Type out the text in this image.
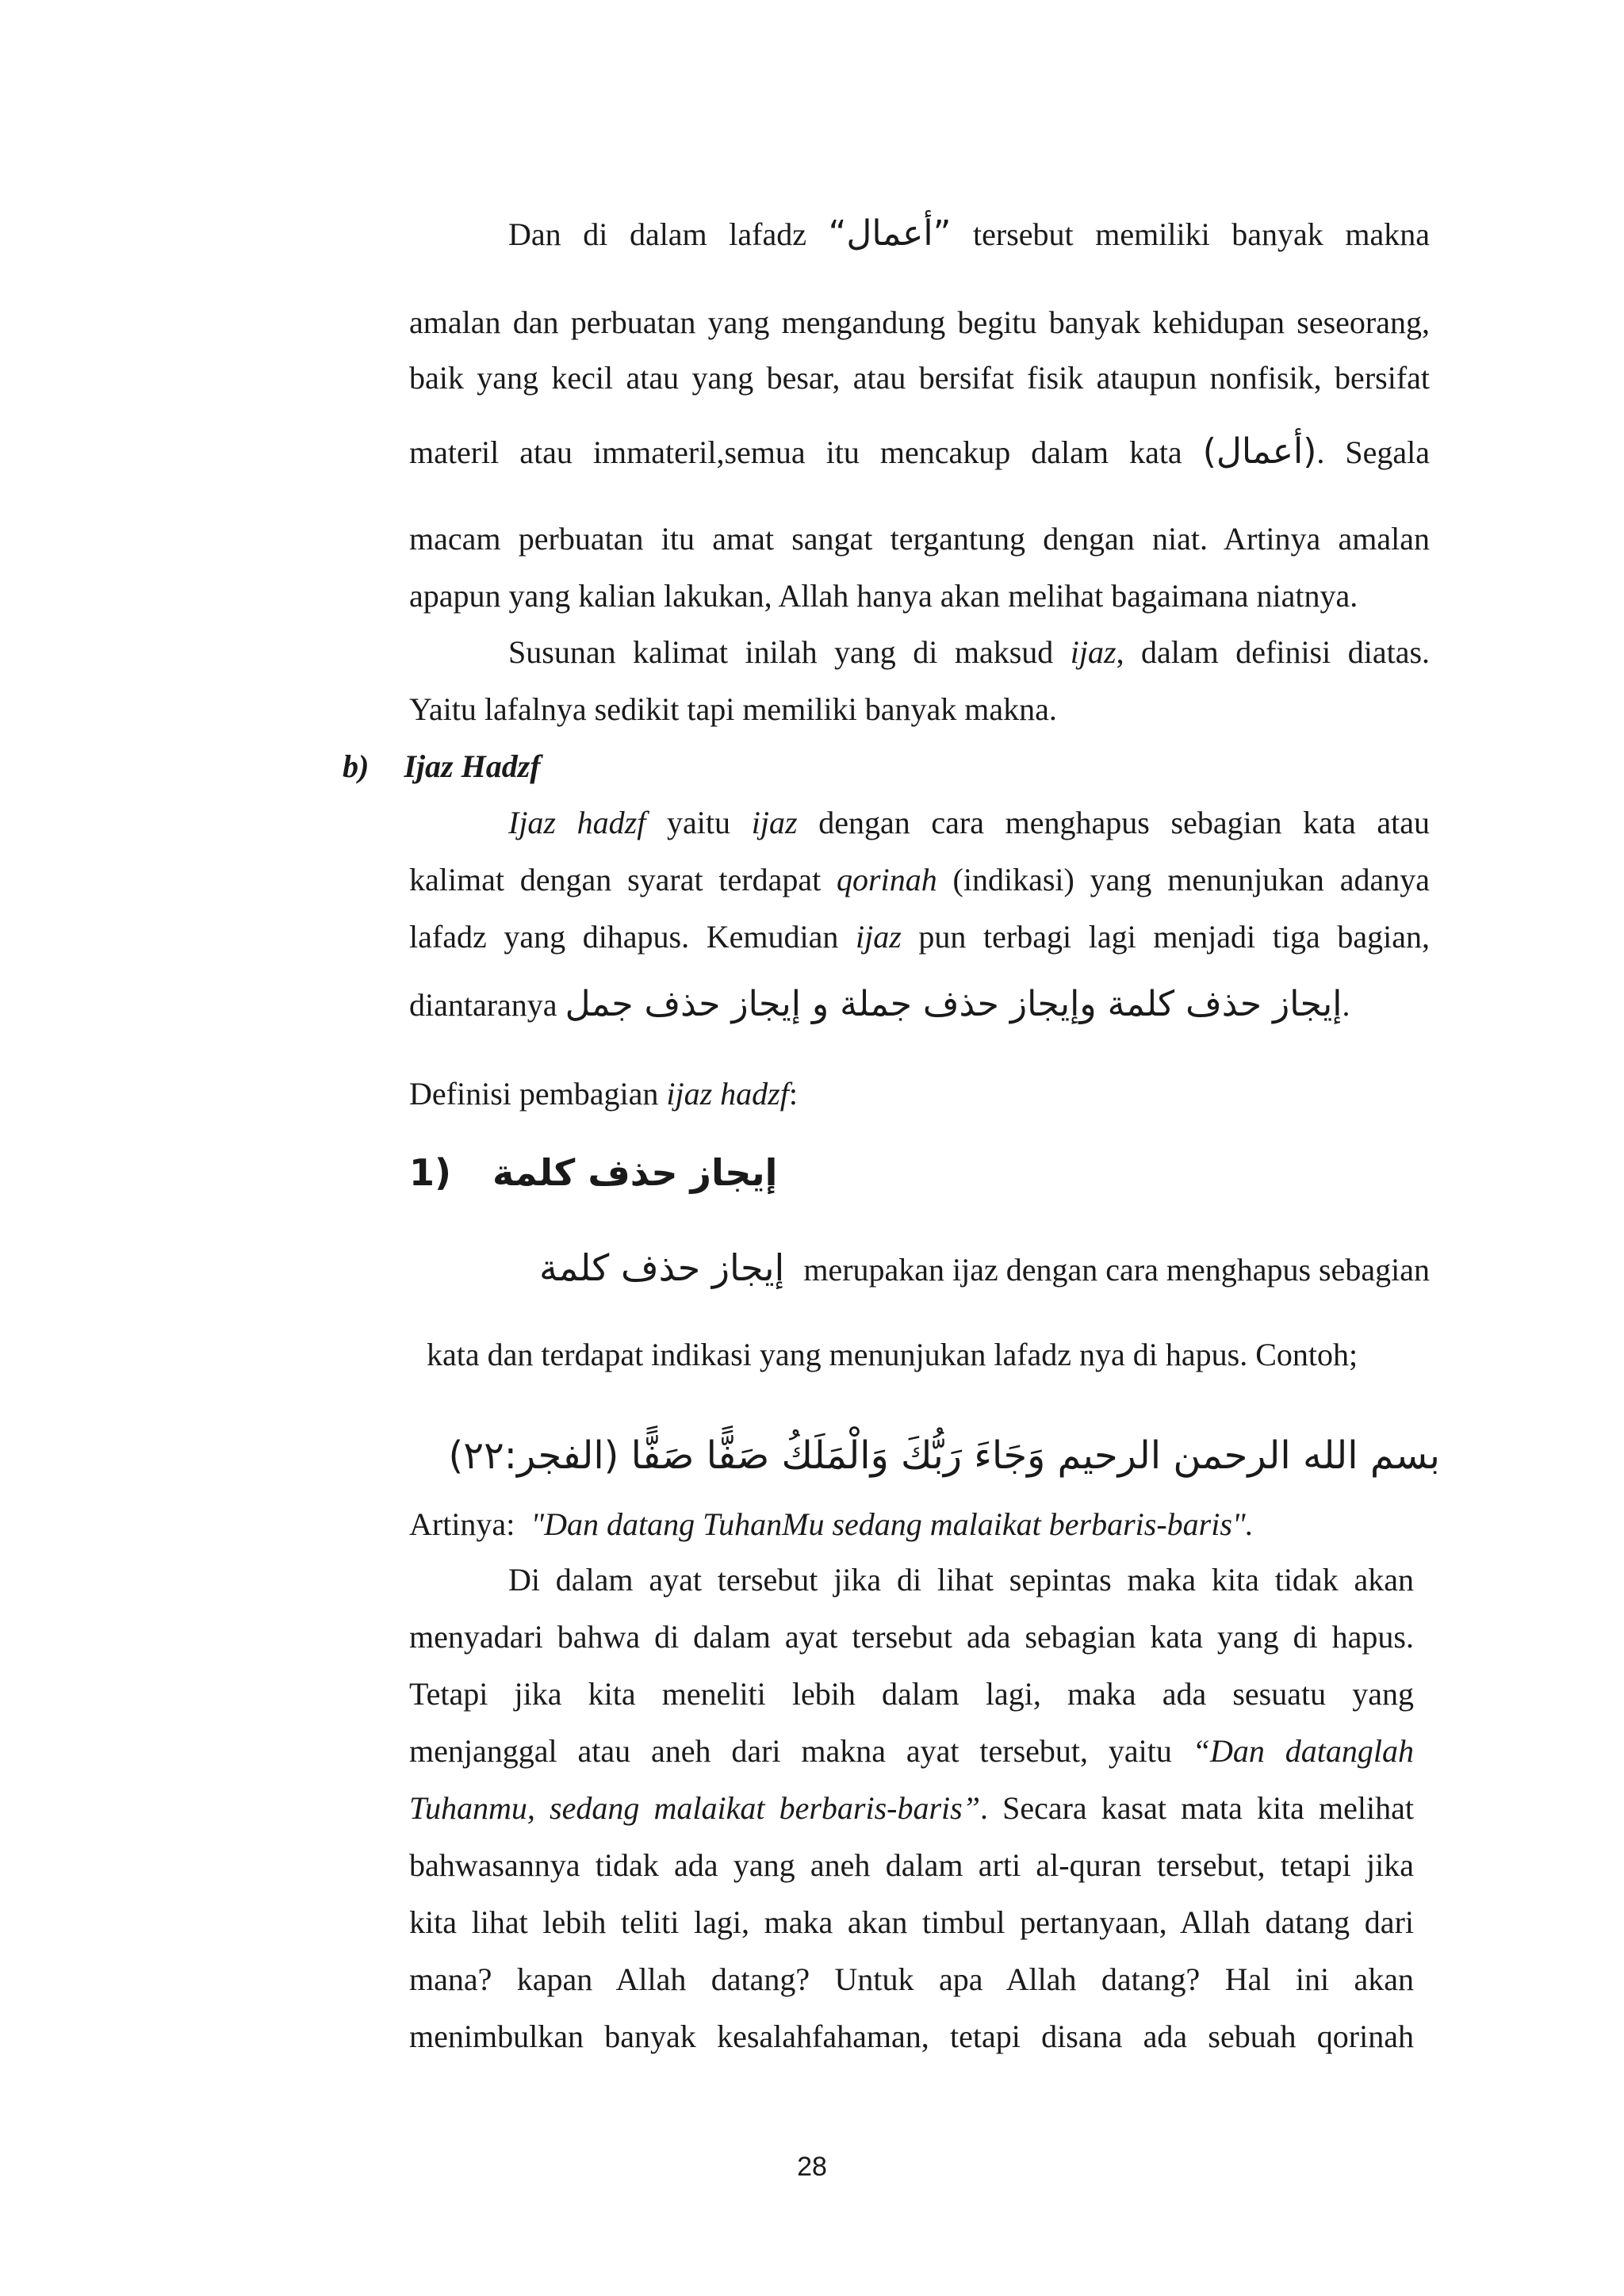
Dan di dalam lafadz “أعمال” tersebut memiliki banyak makna
amalan dan perbuatan yang mengandung begitu banyak kehidupan seseorang,
baik yang kecil atau yang besar, atau bersifat fisik ataupun nonfisik, bersifat
materil atau immateril,semua itu mencakup dalam kata (أعمال). Segala
macam perbuatan itu amat sangat tergantung dengan niat. Artinya amalan
apapun yang kalian lakukan, Allah hanya akan melihat bagaimana niatnya.
Susunan kalimat inilah yang di maksud ijaz, dalam definisi diatas.
Yaitu lafalnya sedikit tapi memiliki banyak makna.
b) Ijaz Hadzf
Ijaz hadzf yaitu ijaz dengan cara menghapus sebagian kata atau
kalimat dengan syarat terdapat qorinah (indikasi) yang menunjukan adanya
lafadz yang dihapus. Kemudian ijaz pun terbagi lagi menjadi tiga bagian,
diantaranya إيجاز حذف كلمة وإيجاز حذف جملة و إيجاز حذف جمل.
Definisi pembagian ijaz hadzf:
1) إيجاز حذف كلمة
إيجاز حذف كلمة merupakan ijaz dengan cara menghapus sebagian
kata dan terdapat indikasi yang menunjukan lafadz nya di hapus. Contoh;
بسم الله الرحمن الرحيم وَجَاءَ رَبُّكَ وَالْمَلَكُ صَفًّا صَفًّا (الفجر:٢٢)
Artinya: "Dan datang TuhanMu sedang malaikat berbaris-baris".
Di dalam ayat tersebut jika di lihat sepintas maka kita tidak akan
menyadari bahwa di dalam ayat tersebut ada sebagian kata yang di hapus.
Tetapi jika kita meneliti lebih dalam lagi, maka ada sesuatu yang
menjanggal atau aneh dari makna ayat tersebut, yaitu “Dan datanglah
Tuhanmu, sedang malaikat berbaris-baris”. Secara kasat mata kita melihat
bahwasannya tidak ada yang aneh dalam arti al-quran tersebut, tetapi jika
kita lihat lebih teliti lagi, maka akan timbul pertanyaan, Allah datang dari
mana? kapan Allah datang? Untuk apa Allah datang? Hal ini akan
menimbulkan banyak kesalahfahaman, tetapi disana ada sebuah qorinah
28
